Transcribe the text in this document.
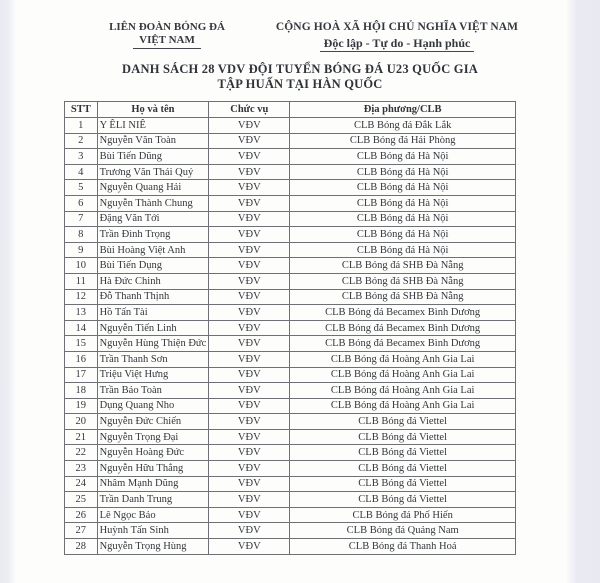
LIÊN ĐOÀN BÓNG ĐÁ
VIỆT NAM
CỘNG HOÀ XÃ HỘI CHỦ NGHĨA VIỆT NAM
Độc lập - Tự do - Hạnh phúc
DANH SÁCH 28 VDV ĐỘI TUYỂN BÓNG ĐÁ U23 QUỐC GIA
TẬP HUẤN TẠI HÀN QUỐC
STT	Họ và tên	Chức vụ	Địa phương/CLB
1	Y ÊLI NIÊ	VĐV	CLB Bóng đá Đắk Lắk
2	Nguyễn Văn Toàn	VĐV	CLB Bóng đá Hải Phòng
3	Bùi Tiến Dũng	VĐV	CLB Bóng đá Hà Nội
4	Trương Văn Thái Quý	VĐV	CLB Bóng đá Hà Nội
5	Nguyễn Quang Hải	VĐV	CLB Bóng đá Hà Nội
6	Nguyễn Thành Chung	VĐV	CLB Bóng đá Hà Nội
7	Đặng Văn Tới	VĐV	CLB Bóng đá Hà Nội
8	Trần Đình Trọng	VĐV	CLB Bóng đá Hà Nội
9	Bùi Hoàng Việt Anh	VĐV	CLB Bóng đá Hà Nội
10	Bùi Tiến Dụng	VĐV	CLB Bóng đá SHB Đà Nẵng
11	Hà Đức Chinh	VĐV	CLB Bóng đá SHB Đà Nẵng
12	Đỗ Thanh Thịnh	VĐV	CLB Bóng đá SHB Đà Nẵng
13	Hồ Tấn Tài	VĐV	CLB Bóng đá Becamex Bình Dương
14	Nguyễn Tiến Linh	VĐV	CLB Bóng đá Becamex Bình Dương
15	Nguyễn Hùng Thiện Đức	VĐV	CLB Bóng đá Becamex Bình Dương
16	Trần Thanh Sơn	VĐV	CLB Bóng đá Hoàng Anh Gia Lai
17	Triệu Việt Hưng	VĐV	CLB Bóng đá Hoàng Anh Gia Lai
18	Trần Bảo Toàn	VĐV	CLB Bóng đá Hoàng Anh Gia Lai
19	Dụng Quang Nho	VĐV	CLB Bóng đá Hoàng Anh Gia Lai
20	Nguyễn Đức Chiến	VĐV	CLB Bóng đá Viettel
21	Nguyễn Trọng Đại	VĐV	CLB Bóng đá Viettel
22	Nguyễn Hoàng Đức	VĐV	CLB Bóng đá Viettel
23	Nguyễn Hữu Thắng	VĐV	CLB Bóng đá Viettel
24	Nhâm Mạnh Dũng	VĐV	CLB Bóng đá Viettel
25	Trần Danh Trung	VĐV	CLB Bóng đá Viettel
26	Lê Ngọc Bảo	VĐV	CLB Bóng đá Phố Hiến
27	Huỳnh Tấn Sinh	VĐV	CLB Bóng đá Quảng Nam
28	Nguyễn Trọng Hùng	VĐV	CLB Bóng đá Thanh Hoá
